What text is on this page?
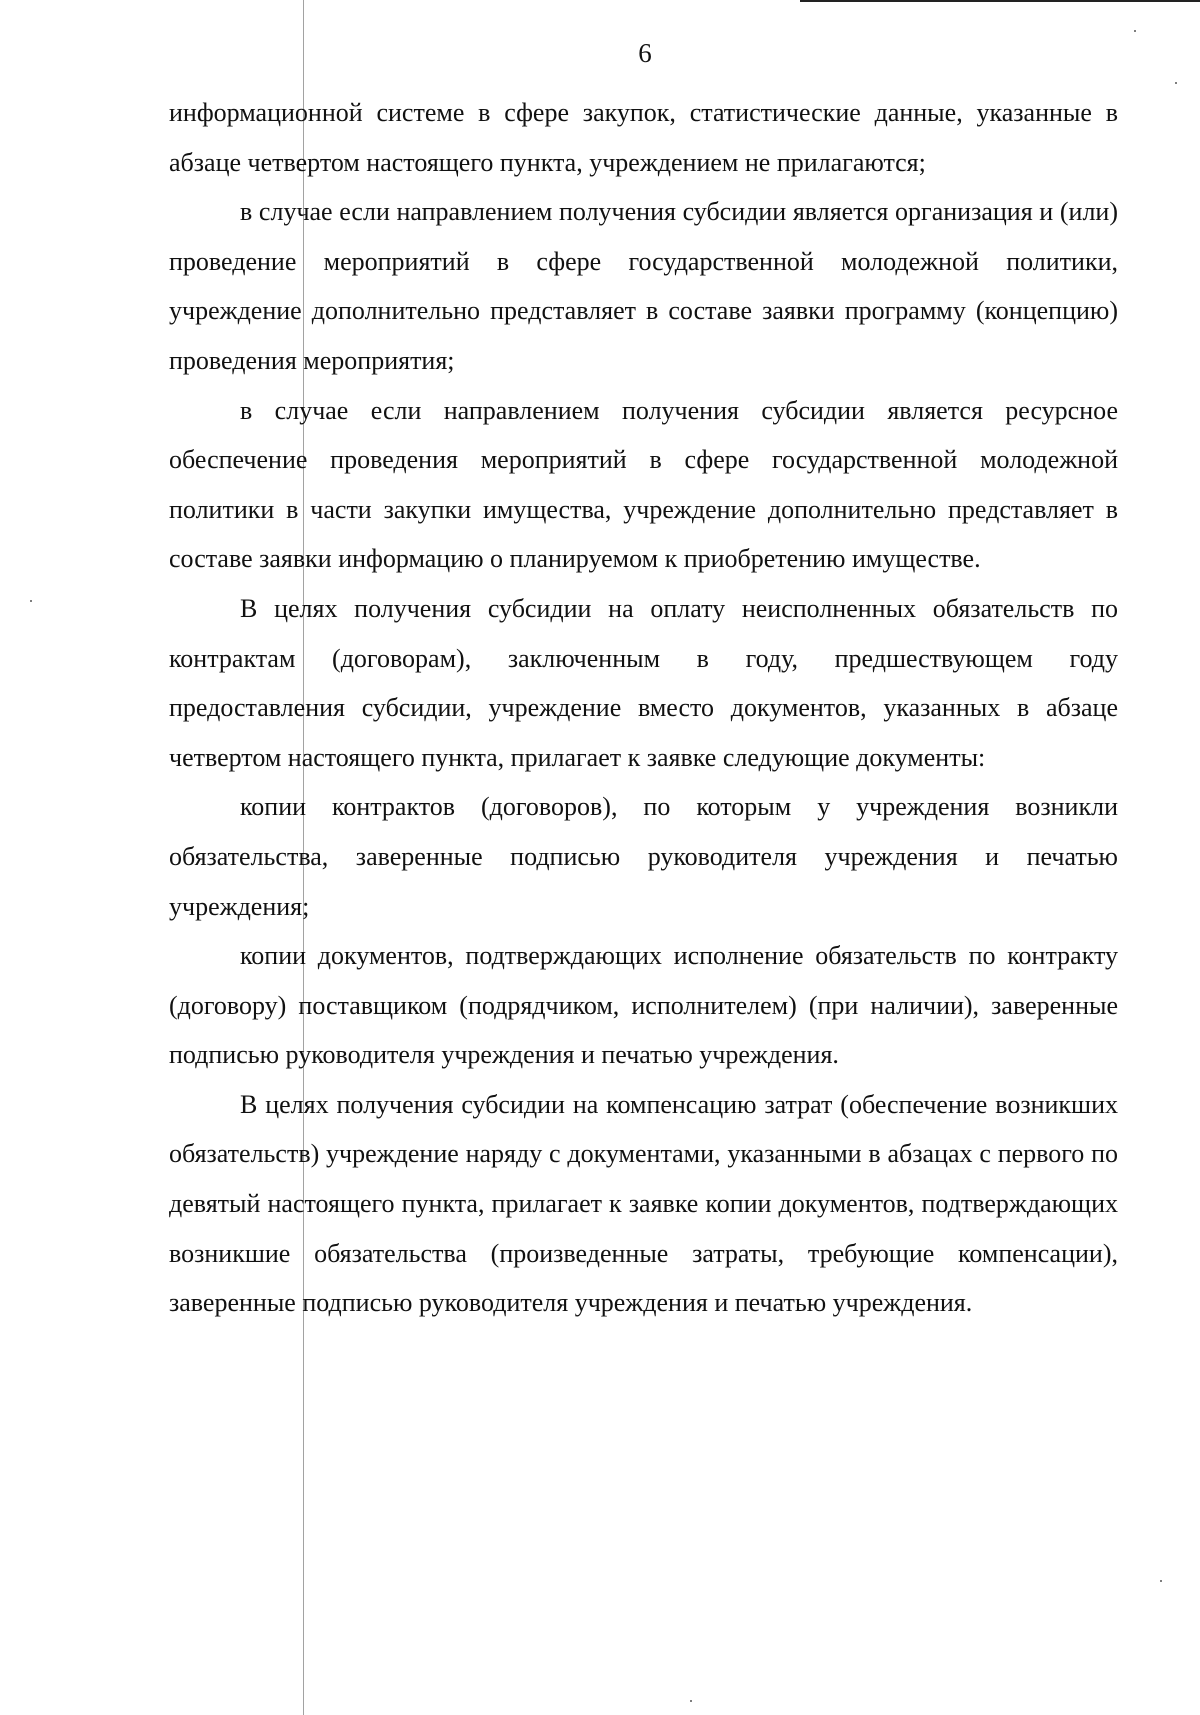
6

информационной системе в сфере закупок, статистические данные, указанные в абзаце четвертом настоящего пункта, учреждением не прилагаются;

в случае если направлением получения субсидии является организация и (или) проведение мероприятий в сфере государственной молодежной политики, учреждение дополнительно представляет в составе заявки программу (концепцию) проведения мероприятия;

в случае если направлением получения субсидии является ресурсное обеспечение проведения мероприятий в сфере государственной молодежной политики в части закупки имущества, учреждение дополнительно представляет в составе заявки информацию о планируемом к приобретению имуществе.

В целях получения субсидии на оплату неисполненных обязательств по контрактам (договорам), заключенным в году, предшествующем году предоставления субсидии, учреждение вместо документов, указанных в абзаце четвертом настоящего пункта, прилагает к заявке следующие документы:

копии контрактов (договоров), по которым у учреждения возникли обязательства, заверенные подписью руководителя учреждения и печатью учреждения;

копии документов, подтверждающих исполнение обязательств по контракту (договору) поставщиком (подрядчиком, исполнителем) (при наличии), заверенные подписью руководителя учреждения и печатью учреждения.

В целях получения субсидии на компенсацию затрат (обеспечение возникших обязательств) учреждение наряду с документами, указанными в абзацах с первого по девятый настоящего пункта, прилагает к заявке копии документов, подтверждающих возникшие обязательства (произведенные затраты, требующие компенсации), заверенные подписью руководителя учреждения и печатью учреждения.
